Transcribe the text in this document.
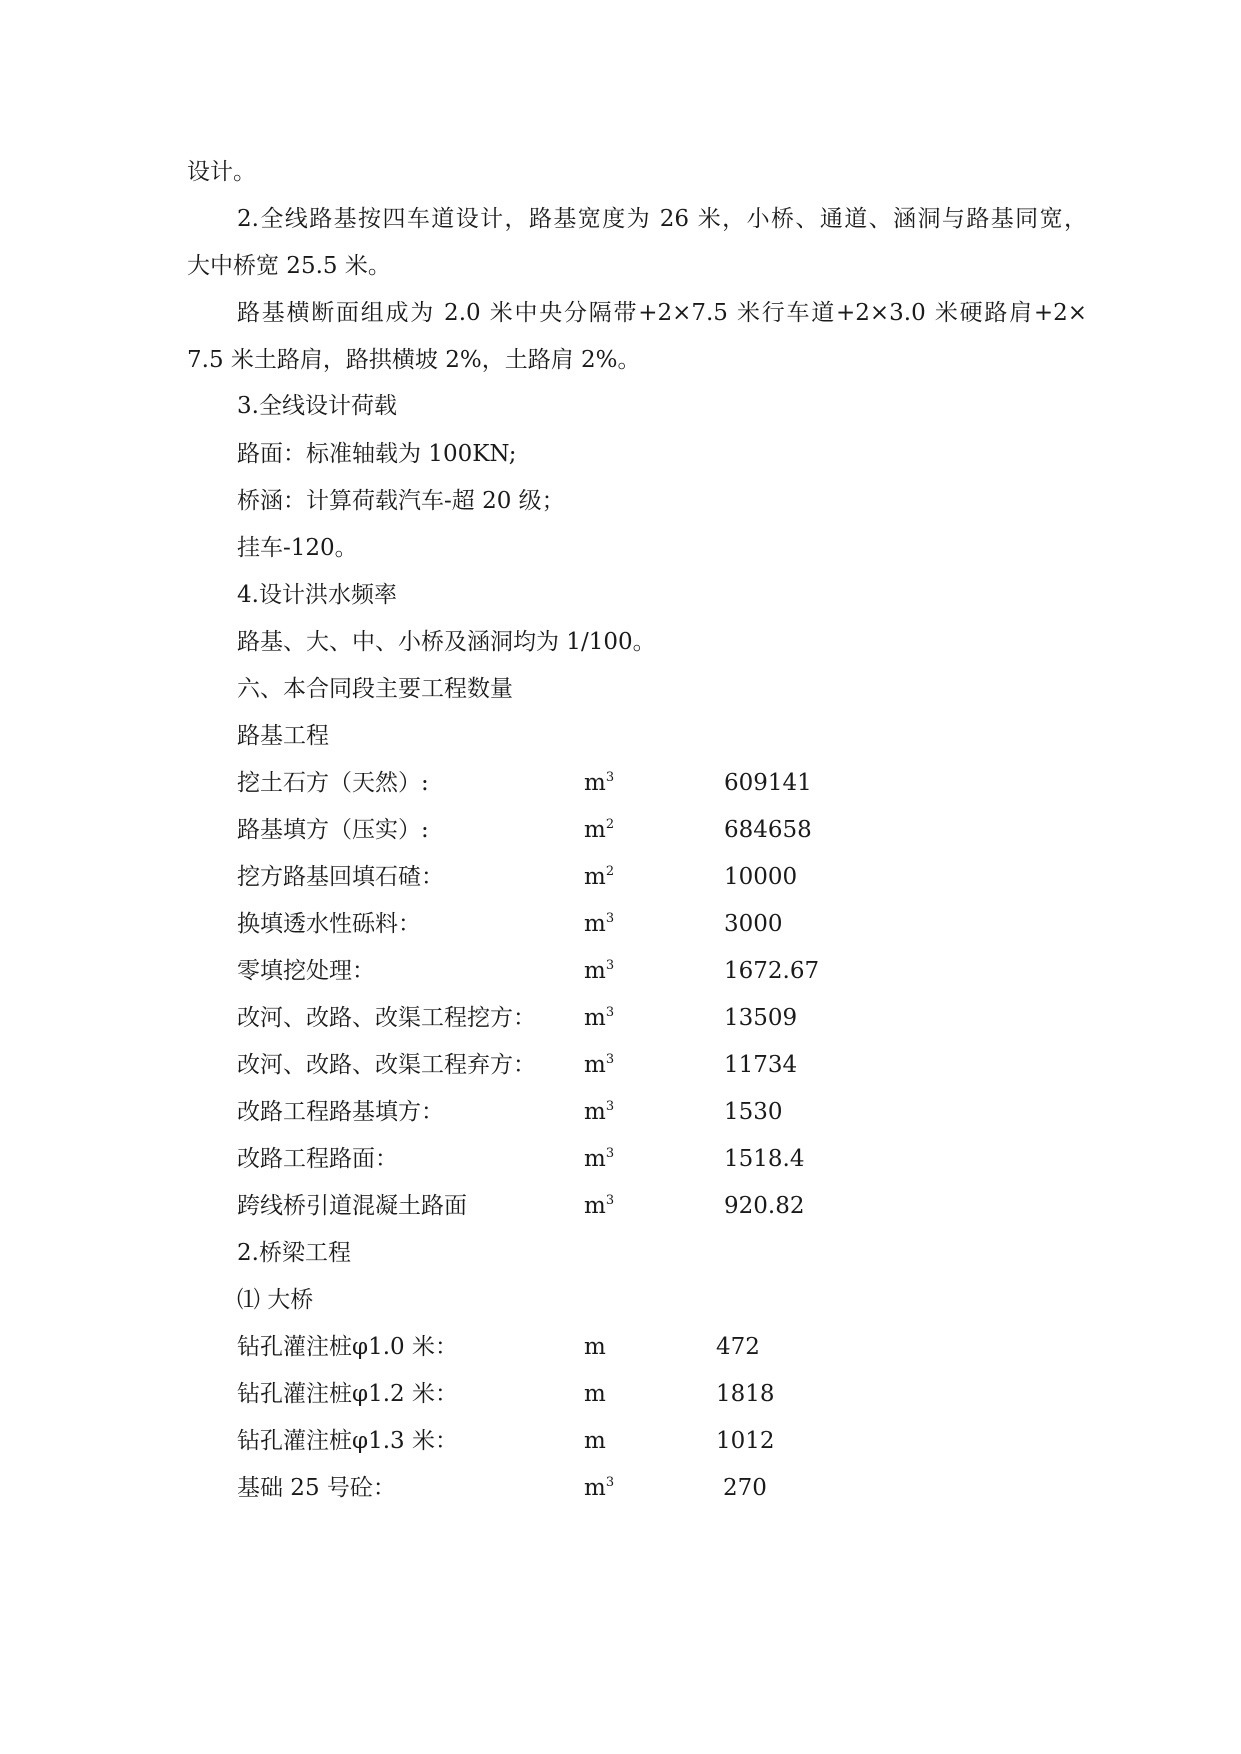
设计。
2.全线路基按四车道设计，路基宽度为 26 米，小桥、通道、涵洞与路基同宽，
大中桥宽 25.5 米。
路基横断面组成为 2.0 米中央分隔带+2×7.5 米行车道+2×3.0 米硬路肩+2×
7.5 米土路肩，路拱横坡 2%，土路肩 2%。
3.全线设计荷载
路面：标准轴载为 100KN;
桥涵：计算荷载汽车-超 20 级；
挂车-120。
4.设计洪水频率
路基、大、中、小桥及涵洞均为 1/100。
六、本合同段主要工程数量
路基工程
挖土石方（天然）:	$m^3$	609141
路基填方（压实）:	$m^2$	684658
挖方路基回填石碴：	$m^2$	10000
换填透水性砾料：	$m^3$	3000
零填挖处理：	$m^3$	1672.67
改河、改路、改渠工程挖方： $m^3$	13509
改河、改路、改渠工程弃方： $m^3$	11734
改路工程路基填方：	$m^3$	1530
改路工程路面：	$m^3$	1518.4
跨线桥引道混凝土路面	$m^3$	920.82
2.桥梁工程
⑴ 大桥
钻孔灌注桩φ1.0 米：	m	472
钻孔灌注桩φ1.2 米：	m	1818
钻孔灌注桩φ1.3 米：	m	1012
基础 25 号砼：	$m^3$	270
